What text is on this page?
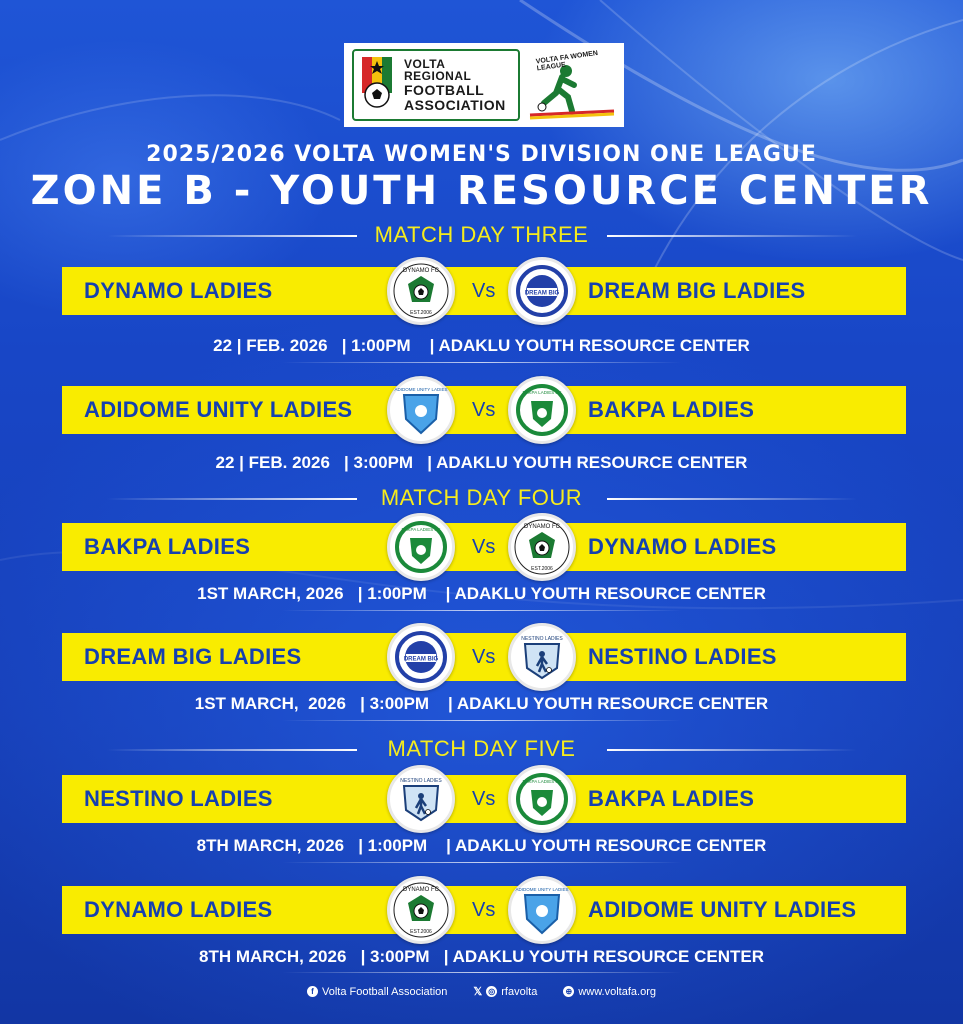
VOLTA REGIONAL
FOOTBALL
ASSOCIATION
VOLTA FA WOMEN LEAGUE
2025/2026 VOLTA WOMEN'S DIVISION ONE LEAGUE
ZONE B - YOUTH RESOURCE CENTER
MATCH DAY THREE
MATCH DAY FOUR
MATCH DAY FIVE
DYNAMO LADIES	Vs	DREAM BIG LADIES
DYNAMO FC
EST.2006
DREAM BIG
22 | FEB. 2026   | 1:00PM    | ADAKLU YOUTH RESOURCE CENTER
ADIDOME UNITY LADIES	Vs	BAKPA LADIES
ADIDOME UNITY LADIES
BAKPA LADIES FC
22 | FEB. 2026   | 3:00PM   | ADAKLU YOUTH RESOURCE CENTER
BAKPA LADIES	Vs	DYNAMO LADIES
BAKPA LADIES FC	DYNAMO FC
EST.2006
1ST MARCH, 2026   | 1:00PM    | ADAKLU YOUTH RESOURCE CENTER
DREAM BIG LADIES	Vs	NESTINO LADIES
DREAM BIG
NESTINO LADIES
1ST MARCH,  2026   | 3:00PM    | ADAKLU YOUTH RESOURCE CENTER
NESTINO LADIES	Vs	BAKPA LADIES
NESTINO LADIES	BAKPA LADIES FC
8TH MARCH, 2026   | 1:00PM    | ADAKLU YOUTH RESOURCE CENTER
DYNAMO LADIES	Vs	ADIDOME UNITY LADIES
DYNAMO FC
EST.2006
ADIDOME UNITY LADIES
8TH MARCH, 2026   | 3:00PM   | ADAKLU YOUTH RESOURCE CENTER
f Volta Football Association 𝕏 ◎ rfavolta	⊕ www.voltafa.org
